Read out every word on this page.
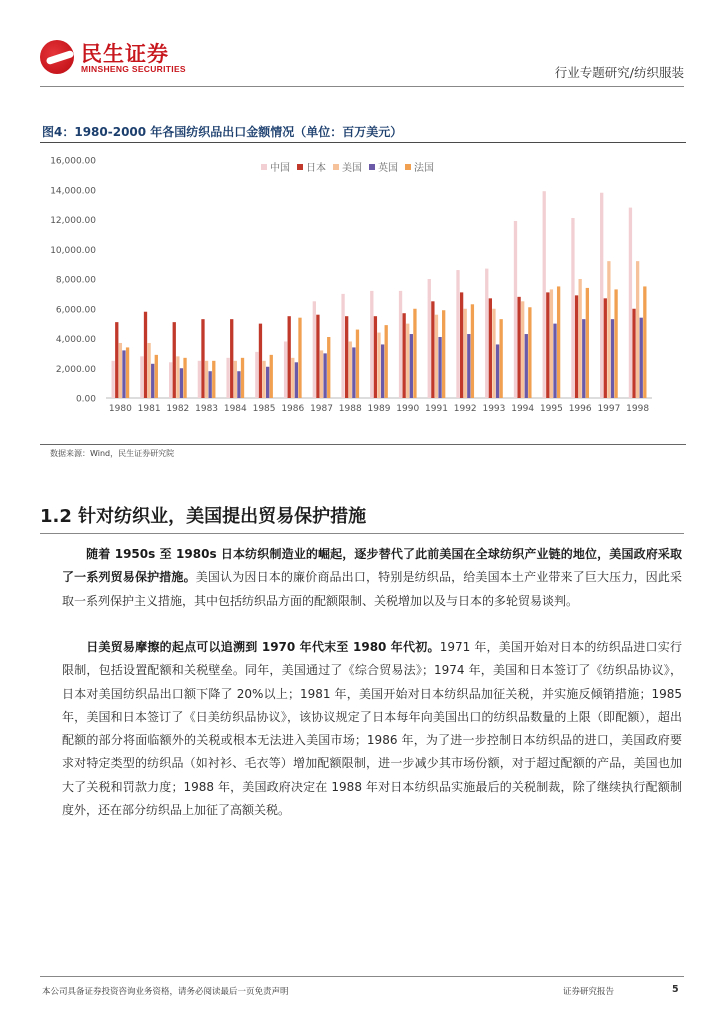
民生证券
MINSHENG SECURITIES	行业专题研究/纺织服装
图4：1980-2000 年各国纺织品出口金额情况（单位：百万美元）
0.00
2,000.00
4,000.00
6,000.00
8,000.00
10,000.00
12,000.00
14,000.00
16,000.00
1980 1981 1982 1983 1984 1985 1986 1987 1988 1989 1990 1991 1992 1993 1994 1995 1996 1997 1998
中国 日本 美国 英国 法国
数据来源：Wind，民生证券研究院
1.2 针对纺织业，美国提出贸易保护措施
随着 1950s 至 1980s 日本纺织制造业的崛起，逐步替代了此前美国在全球纺织产业链的地位，美国政府采取了一系列贸易保护措施。美国认为因日本的廉价商品出口，特别是纺织品，给美国本土产业带来了巨大压力，因此采取一系列保护主义措施，其中包括纺织品方面的配额限制、关税增加以及与日本的多轮贸易谈判。
日美贸易摩擦的起点可以追溯到 1970 年代末至 1980 年代初。1971 年，美国开始对日本的纺织品进口实行限制，包括设置配额和关税壁垒。同年，美国通过了《综合贸易法》；1974 年，美国和日本签订了《纺织品协议》，日本对美国纺织品出口额下降了 20%以上；1981 年，美国开始对日本纺织品加征关税，并实施反倾销措施；1985 年，美国和日本签订了《日美纺织品协议》，该协议规定了日本每年向美国出口的纺织品数量的上限（即配额），超出配额的部分将面临额外的关税或根本无法进入美国市场；1986 年，为了进一步控制日本纺织品的进口，美国政府要求对特定类型的纺织品（如衬衫、毛衣等）增加配额限制，进一步减少其市场份额，对于超过配额的产品，美国也加大了关税和罚款力度；1988 年，美国政府决定在 1988 年对日本纺织品实施最后的关税制裁，除了继续执行配额制度外，还在部分纺织品上加征了高额关税。
本公司具备证券投资咨询业务资格，请务必阅读最后一页免责声明	证券研究报告	5
